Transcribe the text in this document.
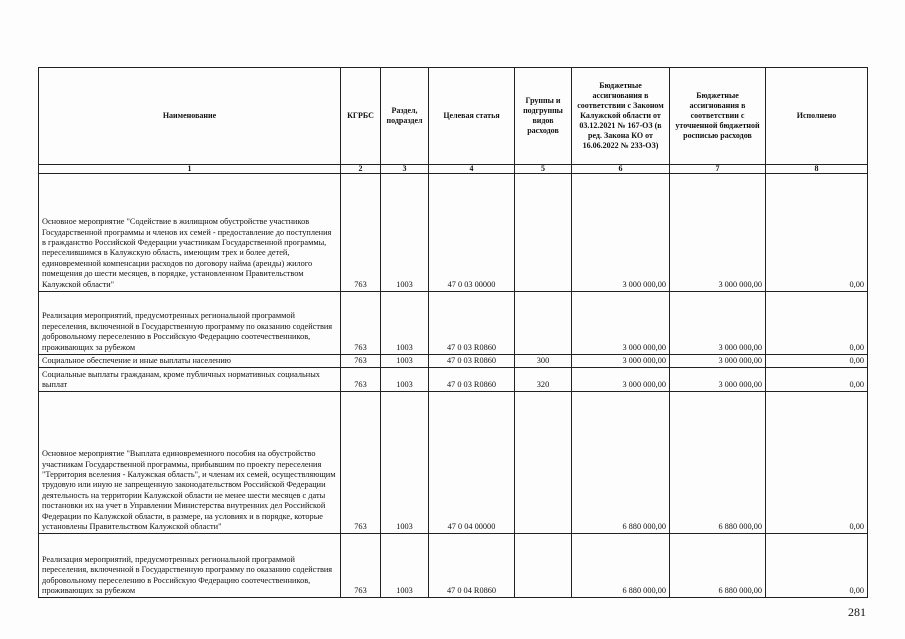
Наименование	КГРБС	Раздел, подраздел	Целевая статья	Группы и подгруппы видов расходов	Бюджетные ассигнования в соответствии с Законом Калужской области от 03.12.2021 № 167-ОЗ (в ред. Закона КО от 16.06.2022 № 233-ОЗ)	Бюджетные ассигнования в соответствии с уточненной бюджетной росписью расходов	Исполнено
1	2	3	4	5	6	7	8
Основное мероприятие "Содействие в жилищном обустройстве участников Государственной программы и членов их семей - предоставление до поступления в гражданство Российской Федерации участникам Государственной программы, переселившимся в Калужскую область, имеющим трех и более детей, единовременной компенсации расходов по договору найма (аренды) жилого помещения до шести месяцев, в порядке, установленном Правительством Калужской области"	763	1003	47 0 03 00000		3 000 000,00	3 000 000,00	0,00
Реализация мероприятий, предусмотренных региональной программой переселения, включенной в Государственную программу по оказанию содействия добровольному переселению в Российскую Федерацию соотечественников, проживающих за рубежом	763	1003	47 0 03 R0860		3 000 000,00	3 000 000,00	0,00
Социальное обеспечение и иные выплаты населению	763	1003	47 0 03 R0860	300	3 000 000,00	3 000 000,00	0,00
Социальные выплаты гражданам, кроме публичных нормативных социальных выплат	763	1003	47 0 03 R0860	320	3 000 000,00	3 000 000,00	0,00
Основное мероприятие "Выплата единовременного пособия на обустройство участникам Государственной программы, прибывшим по проекту переселения "Территория вселения - Калужская область", и членам их семей, осуществляющим трудовую или иную не запрещенную законодательством Российской Федерации деятельность на территории Калужской области не менее шести месяцев с даты постановки их на учет в Управлении Министерства внутренних дел Российской Федерации по Калужской области, в размере, на условиях и в порядке, которые установлены Правительством Калужской области"	763	1003	47 0 04 00000		6 880 000,00	6 880 000,00	0,00
Реализация мероприятий, предусмотренных региональной программой переселения, включенной в Государственную программу по оказанию содействия добровольному переселению в Российскую Федерацию соотечественников, проживающих за рубежом	763	1003	47 0 04 R0860		6 880 000,00	6 880 000,00	0,00
281
